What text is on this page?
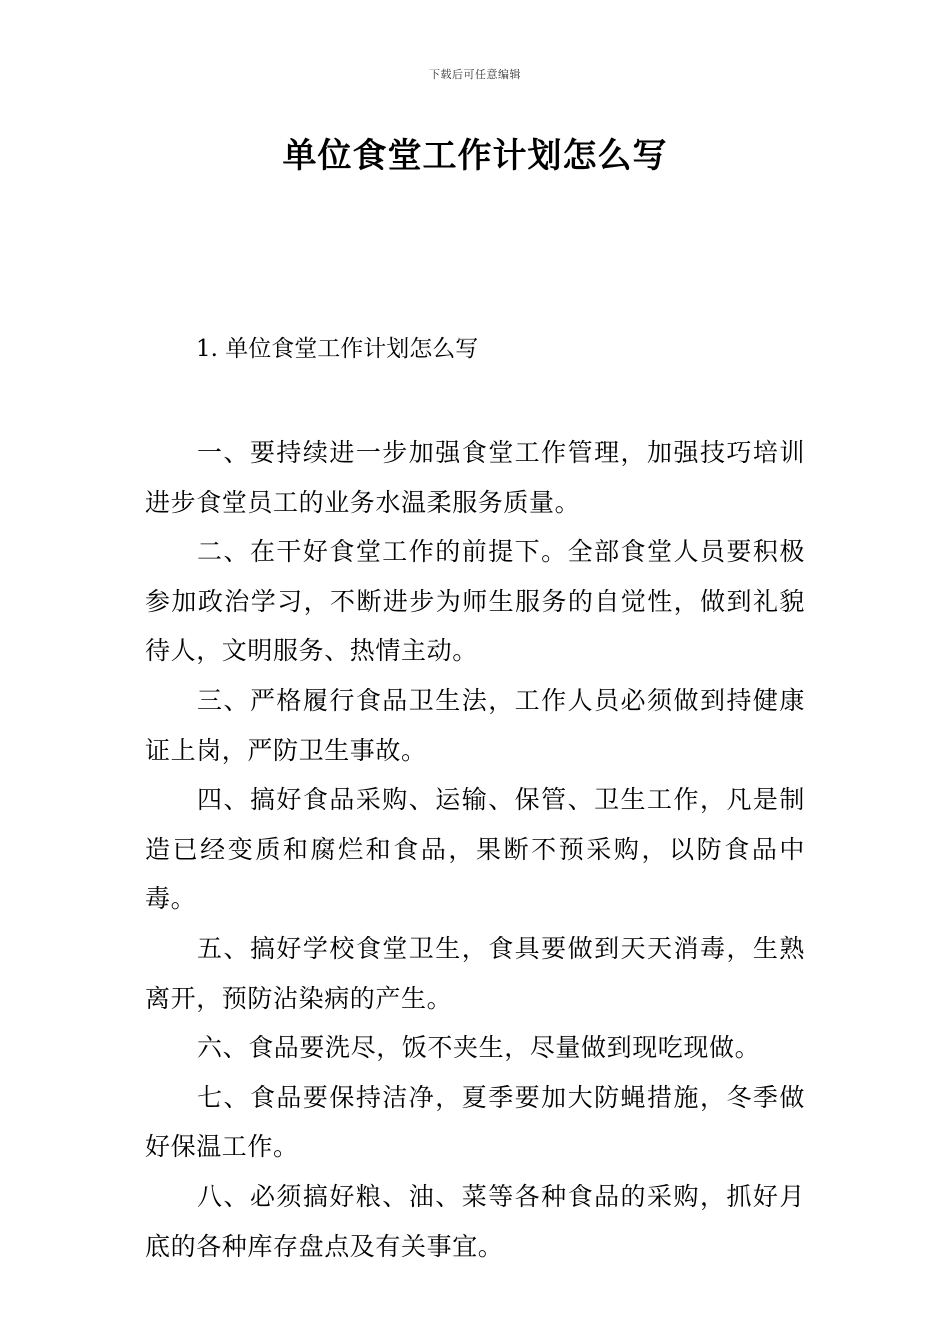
下载后可任意编辑
单位食堂工作计划怎么写
1. 单位食堂工作计划怎么写

一、要持续进一步加强食堂工作管理，加强技巧培训进步食堂员工的业务水温柔服务质量。

二、在干好食堂工作的前提下。全部食堂人员要积极参加政治学习，不断进步为师生服务的自觉性，做到礼貌待人，文明服务、热情主动。

三、严格履行食品卫生法，工作人员必须做到持健康证上岗，严防卫生事故。

四、搞好食品采购、运输、保管、卫生工作，凡是制造已经变质和腐烂和食品，果断不预采购，以防食品中毒。

五、搞好学校食堂卫生，食具要做到天天消毒，生熟离开，预防沾染病的产生。

六、食品要洗尽，饭不夹生，尽量做到现吃现做。

七、食品要保持洁净，夏季要加大防蝇措施，冬季做好保温工作。

八、必须搞好粮、油、菜等各种食品的采购，抓好月底的各种库存盘点及有关事宜。
